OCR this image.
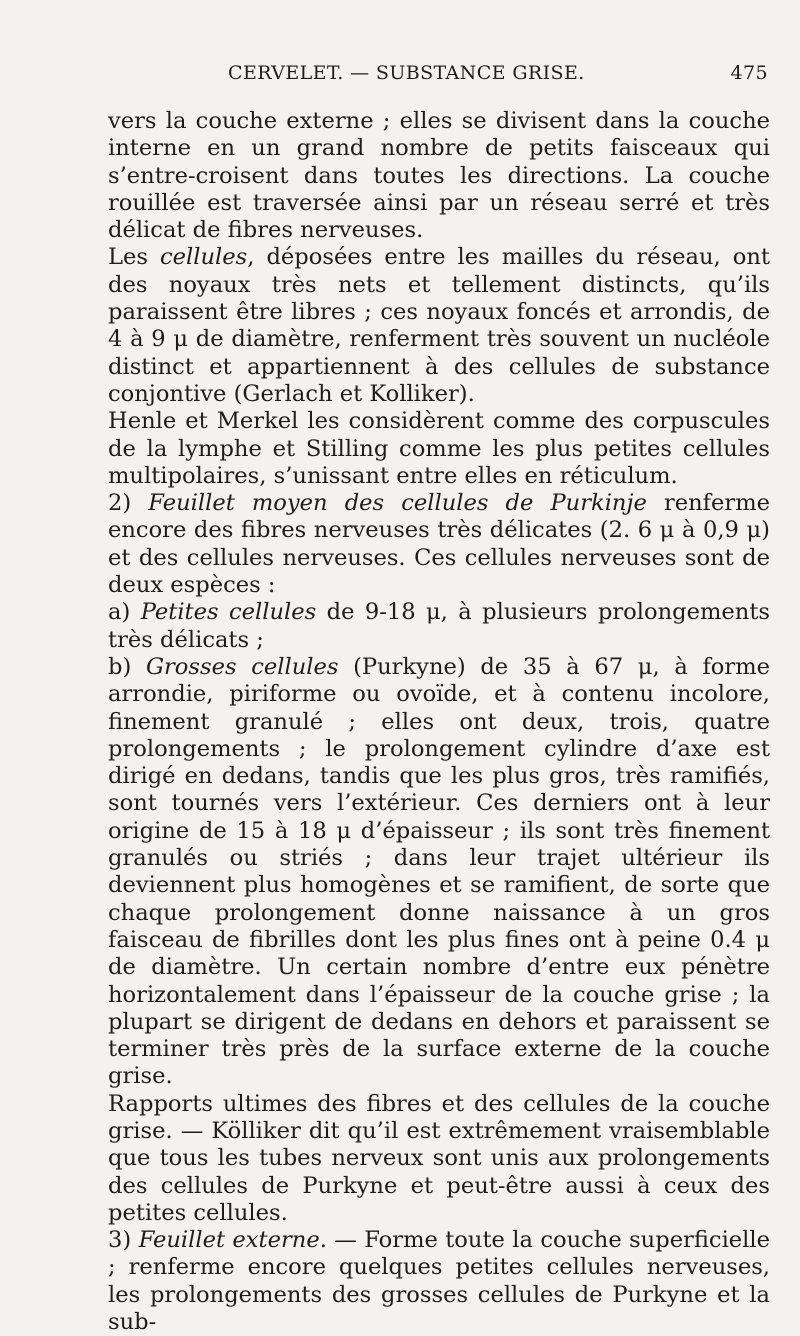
CERVELET. — SUBSTANCE GRISE.	475

vers la couche externe ; elles se divisent dans la couche interne en un grand nombre de petits faisceaux qui s’entre-croisent dans toutes les directions. La couche rouillée est traversée ainsi par un réseau serré et très délicat de fibres nerveuses.

Les cellules, déposées entre les mailles du réseau, ont des noyaux très nets et tellement distincts, qu’ils paraissent être libres ; ces noyaux foncés et arrondis, de 4 à 9 μ de diamètre, renferment très souvent un nucléole distinct et appartiennent à des cellules de substance conjontive (Gerlach et Kolliker).

Henle et Merkel les considèrent comme des corpuscules de la lymphe et Stilling comme les plus petites cellules multipolaires, s’unissant entre elles en réticulum.

2) Feuillet moyen des cellules de Purkinje renferme encore des fibres nerveuses très délicates (2. 6 μ à 0,9 μ) et des cellules nerveuses. Ces cellules nerveuses sont de deux espèces :

a) Petites cellules de 9-18 μ, à plusieurs prolongements très délicats ;

b) Grosses cellules (Purkyne) de 35 à 67 μ, à forme arrondie, piriforme ou ovoïde, et à contenu incolore, finement granulé ; elles ont deux, trois, quatre prolongements ; le prolongement cylindre d’axe est dirigé en dedans, tandis que les plus gros, très ramifiés, sont tournés vers l’extérieur. Ces derniers ont à leur origine de 15 à 18 μ d’épaisseur ; ils sont très finement granulés ou striés ; dans leur trajet ultérieur ils deviennent plus homogènes et se ramifient, de sorte que chaque prolongement donne naissance à un gros faisceau de fibrilles dont les plus fines ont à peine 0.4 μ de diamètre. Un certain nombre d’entre eux pénètre horizontalement dans l’épaisseur de la couche grise ; la plupart se dirigent de dedans en dehors et paraissent se terminer très près de la surface externe de la couche grise.

Rapports ultimes des fibres et des cellules de la couche grise. — Kölliker dit qu’il est extrêmement vraisemblable que tous les tubes nerveux sont unis aux prolongements des cellules de Purkyne et peut-être aussi à ceux des petites cellules.

3) Feuillet externe. — Forme toute la couche superficielle ; renferme encore quelques petites cellules nerveuses, les prolongements des grosses cellules de Purkyne et la sub-
